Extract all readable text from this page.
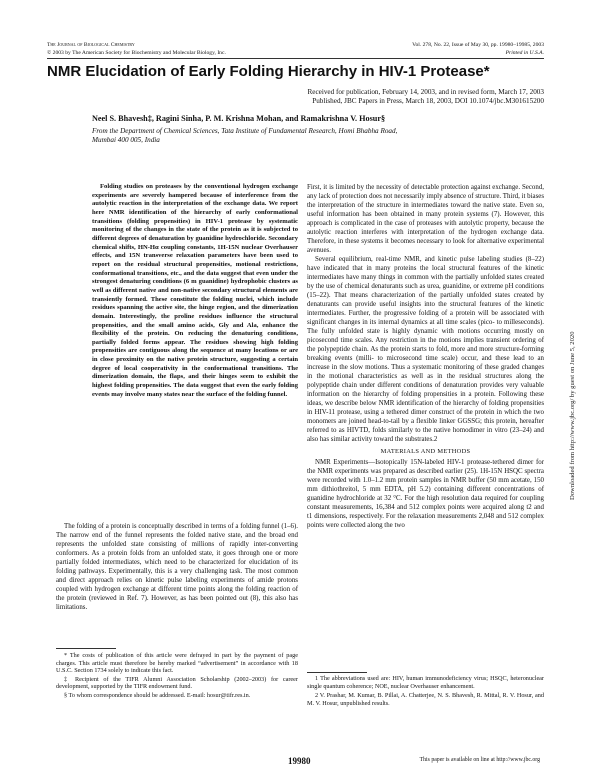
The Journal of Biological Chemistry
© 2003 by The American Society for Biochemistry and Molecular Biology, Inc.
Vol. 278, No. 22, Issue of May 30, pp. 19980–19985, 2003
Printed in U.S.A.
NMR Elucidation of Early Folding Hierarchy in HIV-1 Protease*
Received for publication, February 14, 2003, and in revised form, March 17, 2003
Published, JBC Papers in Press, March 18, 2003, DOI 10.1074/jbc.M301615200
Neel S. Bhavesh‡, Ragini Sinha, P. M. Krishna Mohan, and Ramakrishna V. Hosur§
From the Department of Chemical Sciences, Tata Institute of Fundamental Research, Homi Bhabha Road, Mumbai 400 005, India

Folding studies on proteases by the conventional hydrogen exchange experiments are severely hampered because of interference from the autolytic reaction in the interpretation of the exchange data. We report here NMR identification of the hierarchy of early conformational transitions (folding propensities) in HIV-1 protease by systematic monitoring of the changes in the state of the protein as it is subjected to different degrees of denaturation by guanidine hydrochloride. Secondary chemical shifts, HN-Hα coupling constants, 1H-15N nuclear Overhauser effects, and 15N transverse relaxation parameters have been used to report on the residual structural propensities, motional restrictions, conformational transitions, etc., and the data suggest that even under the strongest denaturing conditions (6 m guanidine) hydrophobic clusters as well as different native and non-native secondary structural elements are transiently formed. These constitute the folding nuclei, which include residues spanning the active site, the hinge region, and the dimerization domain. Interestingly, the proline residues influence the structural propensities, and the small amino acids, Gly and Ala, enhance the flexibility of the protein. On reducing the denaturing conditions, partially folded forms appear. The residues showing high folding propensities are contiguous along the sequence at many locations or are in close proximity on the native protein structure, suggesting a certain degree of local cooperativity in the conformational transitions. The dimerization domain, the flaps, and their hinges seem to exhibit the highest folding propensities. The data suggest that even the early folding events may involve many states near the surface of the folding funnel.

The folding of a protein is conceptually described in terms of a folding funnel (1–6). The narrow end of the funnel represents the folded native state, and the broad end represents the unfolded state consisting of millions of rapidly inter-converting conformers. As a protein folds from an unfolded state, it goes through one or more partially folded intermediates, which need to be characterized for elucidation of its folding pathways. Experimentally, this is a very challenging task. The most common and direct approach relies on kinetic pulse labeling experiments of amide protons coupled with hydrogen exchange at different time points along the folding reaction of the protein (reviewed in Ref. 7). However, as has been pointed out (8), this also has limitations.

* The costs of publication of this article were defrayed in part by the payment of page charges. This article must therefore be hereby marked “advertisement” in accordance with 18 U.S.C. Section 1734 solely to indicate this fact.

‡ Recipient of the TIFR Alumni Association Scholarship (2002–2003) for career development, supported by the TIFR endowment fund.

§ To whom correspondence should be addressed. E-mail: hosur@tifr.res.in.

First, it is limited by the necessity of detectable protection against exchange. Second, any lack of protection does not necessarily imply absence of structure. Third, it biases the interpretation of the structure in intermediates toward the native state. Even so, useful information has been obtained in many protein systems (7). However, this approach is complicated in the case of proteases with autolytic property, because the autolytic reaction interferes with interpretation of the hydrogen exchange data. Therefore, in these systems it becomes necessary to look for alternative experimental avenues.

Several equilibrium, real-time NMR, and kinetic pulse labeling studies (8–22) have indicated that in many proteins the local structural features of the kinetic intermediates have many things in common with the partially unfolded states created by the use of chemical denaturants such as urea, guanidine, or extreme pH conditions (15–22). That means characterization of the partially unfolded states created by denaturants can provide useful insights into the structural features of the kinetic intermediates. Further, the progressive folding of a protein will be associated with significant changes in its internal dynamics at all time scales (pico- to milleseconds). The fully unfolded state is highly dynamic with motions occurring mostly on picosecond time scales. Any restriction in the motions implies transient ordering of the polypeptide chain. As the protein starts to fold, more and more structure-forming breaking events (milli- to microsecond time scale) occur, and these lead to an increase in the slow motions. Thus a systematic monitoring of these graded changes in the motional characteristics as well as in the residual structures along the polypeptide chain under different conditions of denaturation provides very valuable information on the hierarchy of folding propensities in a protein. Following these ideas, we describe below NMR identification of the hierarchy of folding propensities in HIV-11 protease, using a tethered dimer construct of the protein in which the two monomers are joined head-to-tail by a flexible linker GGSSG; this protein, hereafter referred to as HIVTD, folds similarly to the native homodimer in vitro (23–24) and also has similar activity toward the substrates.2

MATERIALS AND METHODS

NMR Experiments—Isotopically 15N-labeled HIV-1 protease-tethered dimer for the NMR experiments was prepared as described earlier (25). 1H-15N HSQC spectra were recorded with 1.0–1.2 mm protein samples in NMR buffer (50 mm acetate, 150 mm dithiothreitol, 5 mm EDTA, pH 5.2) containing different concentrations of guanidine hydrochloride at 32 °C. For the high resolution data required for coupling constant measurements, 16,384 and 512 complex points were acquired along t2 and t1 dimensions, respectively. For the relaxation measurements 2,048 and 512 complex points were collected along the two

1 The abbreviations used are: HIV, human immunodeficiency virus; HSQC, heteronuclear single quantum coherence; NOE, nuclear Overhauser enhancement.

2 V. Prashar, M. Kumar, B. Pillai, A. Chatterjee, N. S. Bhavesh, R. Mittal, R. V. Hosur, and M. V. Hosur, unpublished results.

19980	This paper is available on line at http://www.jbc.org
Downloaded from http://www.jbc.org/ by guest on June 5, 2020
